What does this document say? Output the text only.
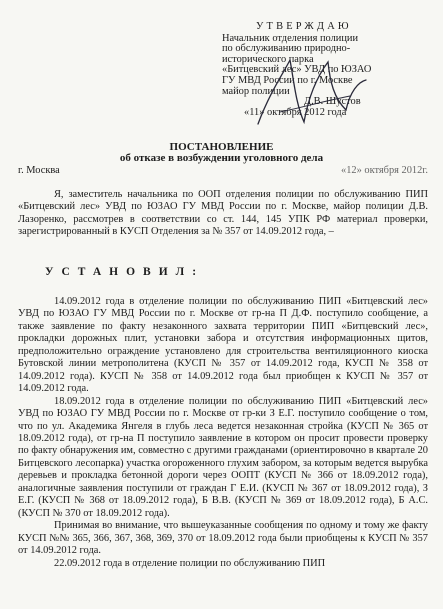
УТВЕРЖДАЮ
Начальник отделения полиции
по обслуживанию природно-
исторического парка
«Битцевский лес» УВД по ЮЗАО
ГУ МВД России по г. Москве
майор полиции
Д.В. Шустов
«11» октября 2012 года
ПОСТАНОВЛЕНИЕ
об отказе в возбуждении уголовного дела
г. Москва	«12» октября 2012г.

Я, заместитель начальника по ООП отделения полиции по обслуживанию ПИП «Битцевский лес» УВД по ЮЗАО ГУ МВД России по г. Москве, майор полиции Д.В. Лазоренко, рассмотрев в соответствии со ст. 144, 145 УПК РФ материал проверки, зарегистрированный в КУСП Отделения за № 357 от 14.09.2012 года, –

УСТАНОВИЛ:

14.09.2012 года в отделение полиции по обслуживанию ПИП «Битцевский лес» УВД по ЮЗАО ГУ МВД России по г. Москве от гр-на П Д.Ф. поступило сообщение, а также заявление по факту незаконного захвата территории ПИП «Битцевский лес», прокладки дорожных плит, установки забора и отсутствия информационных щитов, предположительно ограждение установлено для строительства вентиляционного киоска Бутовской линии метрополитена (КУСП № 357 от 14.09.2012 года, КУСП № 358 от 14.09.2012 года). КУСП № 358 от 14.09.2012 года был приобщен к КУСП № 357 от 14.09.2012 года.

18.09.2012 года в отделение полиции по обслуживанию ПИП «Битцевский лес» УВД по ЮЗАО ГУ МВД России по г. Москве от гр-ки З Е.Г. поступило сообщение о том, что по ул. Академика Янгеля в глубь леса ведется незаконная стройка (КУСП № 365 от 18.09.2012 года), от гр-на П поступило заявление в котором он просит провести проверку по факту обнаружения им, совместно с другими гражданами (ориентировочно в квартале 20 Битцевского лесопарка) участка огороженного глухим забором, за которым ведется вырубка деревьев и прокладка бетонной дороги через ООПТ (КУСП № 366 от 18.09.2012 года), аналогичные заявления поступили от граждан Г Е.И. (КУСП № 367 от 18.09.2012 года), З Е.Г. (КУСП № 368 от 18.09.2012 года), Б В.В. (КУСП № 369 от 18.09.2012 года), Б А.С. (КУСП № 370 от 18.09.2012 года).

Принимая во внимание, что вышеуказанные сообщения по одному и тому же факту КУСП №№ 365, 366, 367, 368, 369, 370 от 18.09.2012 года были приобщены к КУСП № 357 от 14.09.2012 года.

22.09.2012 года в отделение полиции по обслуживанию ПИП
